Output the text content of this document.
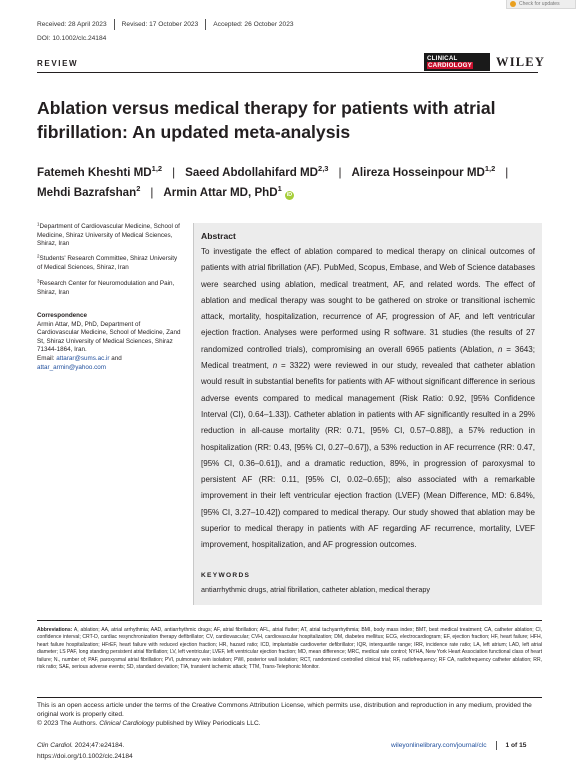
Received: 28 April 2023 Revised: 17 October 2023 Accepted: 26 October 2023
Check for updates
DOI: 10.1002/clc.24184
REVIEW
CLINICAL
CARDIOLOGY	WILEY
Ablation versus medical therapy for patients with atrial fibrillation: An updated meta-analysis
Fatemeh Kheshti MD$^{1,2}$ | Saeed Abdollahifard MD$^{2,3}$ | Alireza Hosseinpour MD$^{1,2}$ |
Mehdi Bazrafshan$^2$ | Armin Attar MD, PhD$^1$iD
$^1$Department of Cardiovascular Medicine, School of Medicine, Shiraz University of Medical Sciences, Shiraz, Iran
$^2$Students' Research Committee, Shiraz University of Medical Sciences, Shiraz, Iran
$^3$Research Center for Neuromodulation and Pain, Shiraz, Iran
Correspondence
Armin Attar, MD, PhD, Department of Cardiovascular Medicine, School of Medicine, Zand St, Shiraz University of Medical Sciences, Shiraz 71344-1864, Iran.
Email: attarar@sums.ac.ir and
attar_armin@yahoo.com
Abstract

To investigate the effect of ablation compared to medical therapy on clinical outcomes of patients with atrial fibrillation (AF). PubMed, Scopus, Embase, and Web of Science databases were searched using ablation, medical treatment, AF, and related words. The effect of ablation and medical therapy was sought to be gathered on stroke or transitional ischemic attack, mortality, hospitalization, recurrence of AF, progression of AF, and left ventricular ejection fraction. Analyses were performed using R software. 31 studies (the results of 27 randomized controlled trials), compromising an overall 6965 patients (Ablation, n = 3643; Medical treatment, n = 3322) were reviewed in our study, revealed that catheter ablation would result in substantial benefits for patients with AF without significant difference in serious adverse events compared to medical management (Risk Ratio: 0.92, [95% Confidence Interval (CI), 0.64–1.33]). Catheter ablation in patients with AF significantly resulted in a 29% reduction in all-cause mortality (RR: 0.71, [95% CI, 0.57–0.88]), a 57% reduction in hospitalization (RR: 0.43, [95% CI, 0.27–0.67]), a 53% reduction in AF recurrence (RR: 0.47, [95% CI, 0.36–0.61]), and a dramatic reduction, 89%, in progression of paroxysmal to persistent AF (RR: 0.11, [95% CI, 0.02–0.65]); also associated with a remarkable improvement in their left ventricular ejection fraction (LVEF) (Mean Difference, MD: 6.84%, [95% CI, 3.27–10.42]) compared to medical therapy. Our study showed that ablation may be superior to medical therapy in patients with AF regarding AF recurrence, mortality, LVEF improvement, hospitalization, and AF progression outcomes.

KEYWORDS
antiarrhythmic drugs, atrial fibrillation, catheter ablation, medical therapy

Abbreviations: A, ablation; AA, atrial arrhythmia; AAD, antiarrhythmic drugs; AF, atrial fibrillation; AFL, atrial flutter; AT, atrial tachyarrhythmia; BMI, body mass index; BMT, best medical treatment; CA, catheter ablation; CI, confidence interval; CRT-D, cardiac resynchronization therapy defibrillator; CV, cardiovascular; CVH, cardiovascular hospitalization; DM, diabetes mellitus; ECG, electrocardiogram; EF, ejection fraction; HF, heart failure; HFH, heart failure hospitalization; HFrEF, heart failure with reduced ejection fraction; HR, hazard ratio; ICD, implantable cardioverter defibrillator; IQR, interquartile range; IRR, incidence rate ratio; LA, left atrium; LAD, left atrial diameter; LS PAF, long standing persistent atrial fibrillation; LV, left ventricular; LVEF, left ventricular ejection fraction; MD, mean difference; MRC, medical rate control; NYHA, New York Heart Association functional class of heart failure; N., number of; PAF, paroxysmal atrial fibrillation; PVI, pulmonary vein isolation; PWI, posterior wall isolation; RCT, randomized controlled clinical trial; RF, radiofrequency; RF CA, radiofrequency catheter ablation; RR, risk ratio; SAE, serious adverse events; SD, standard deviation; TIA, transient ischemic attack; TTM, Trans-Telephonic Monitor.

This is an open access article under the terms of the Creative Commons Attribution License, which permits use, distribution and reproduction in any medium, provided the original work is properly cited.
© 2023 The Authors. Clinical Cardiology published by Wiley Periodicals LLC.
Clin Cardiol. 2024;47:e24184.
https://doi.org/10.1002/clc.24184
wileyonlinelibrary.com/journal/clc	1 of 15
